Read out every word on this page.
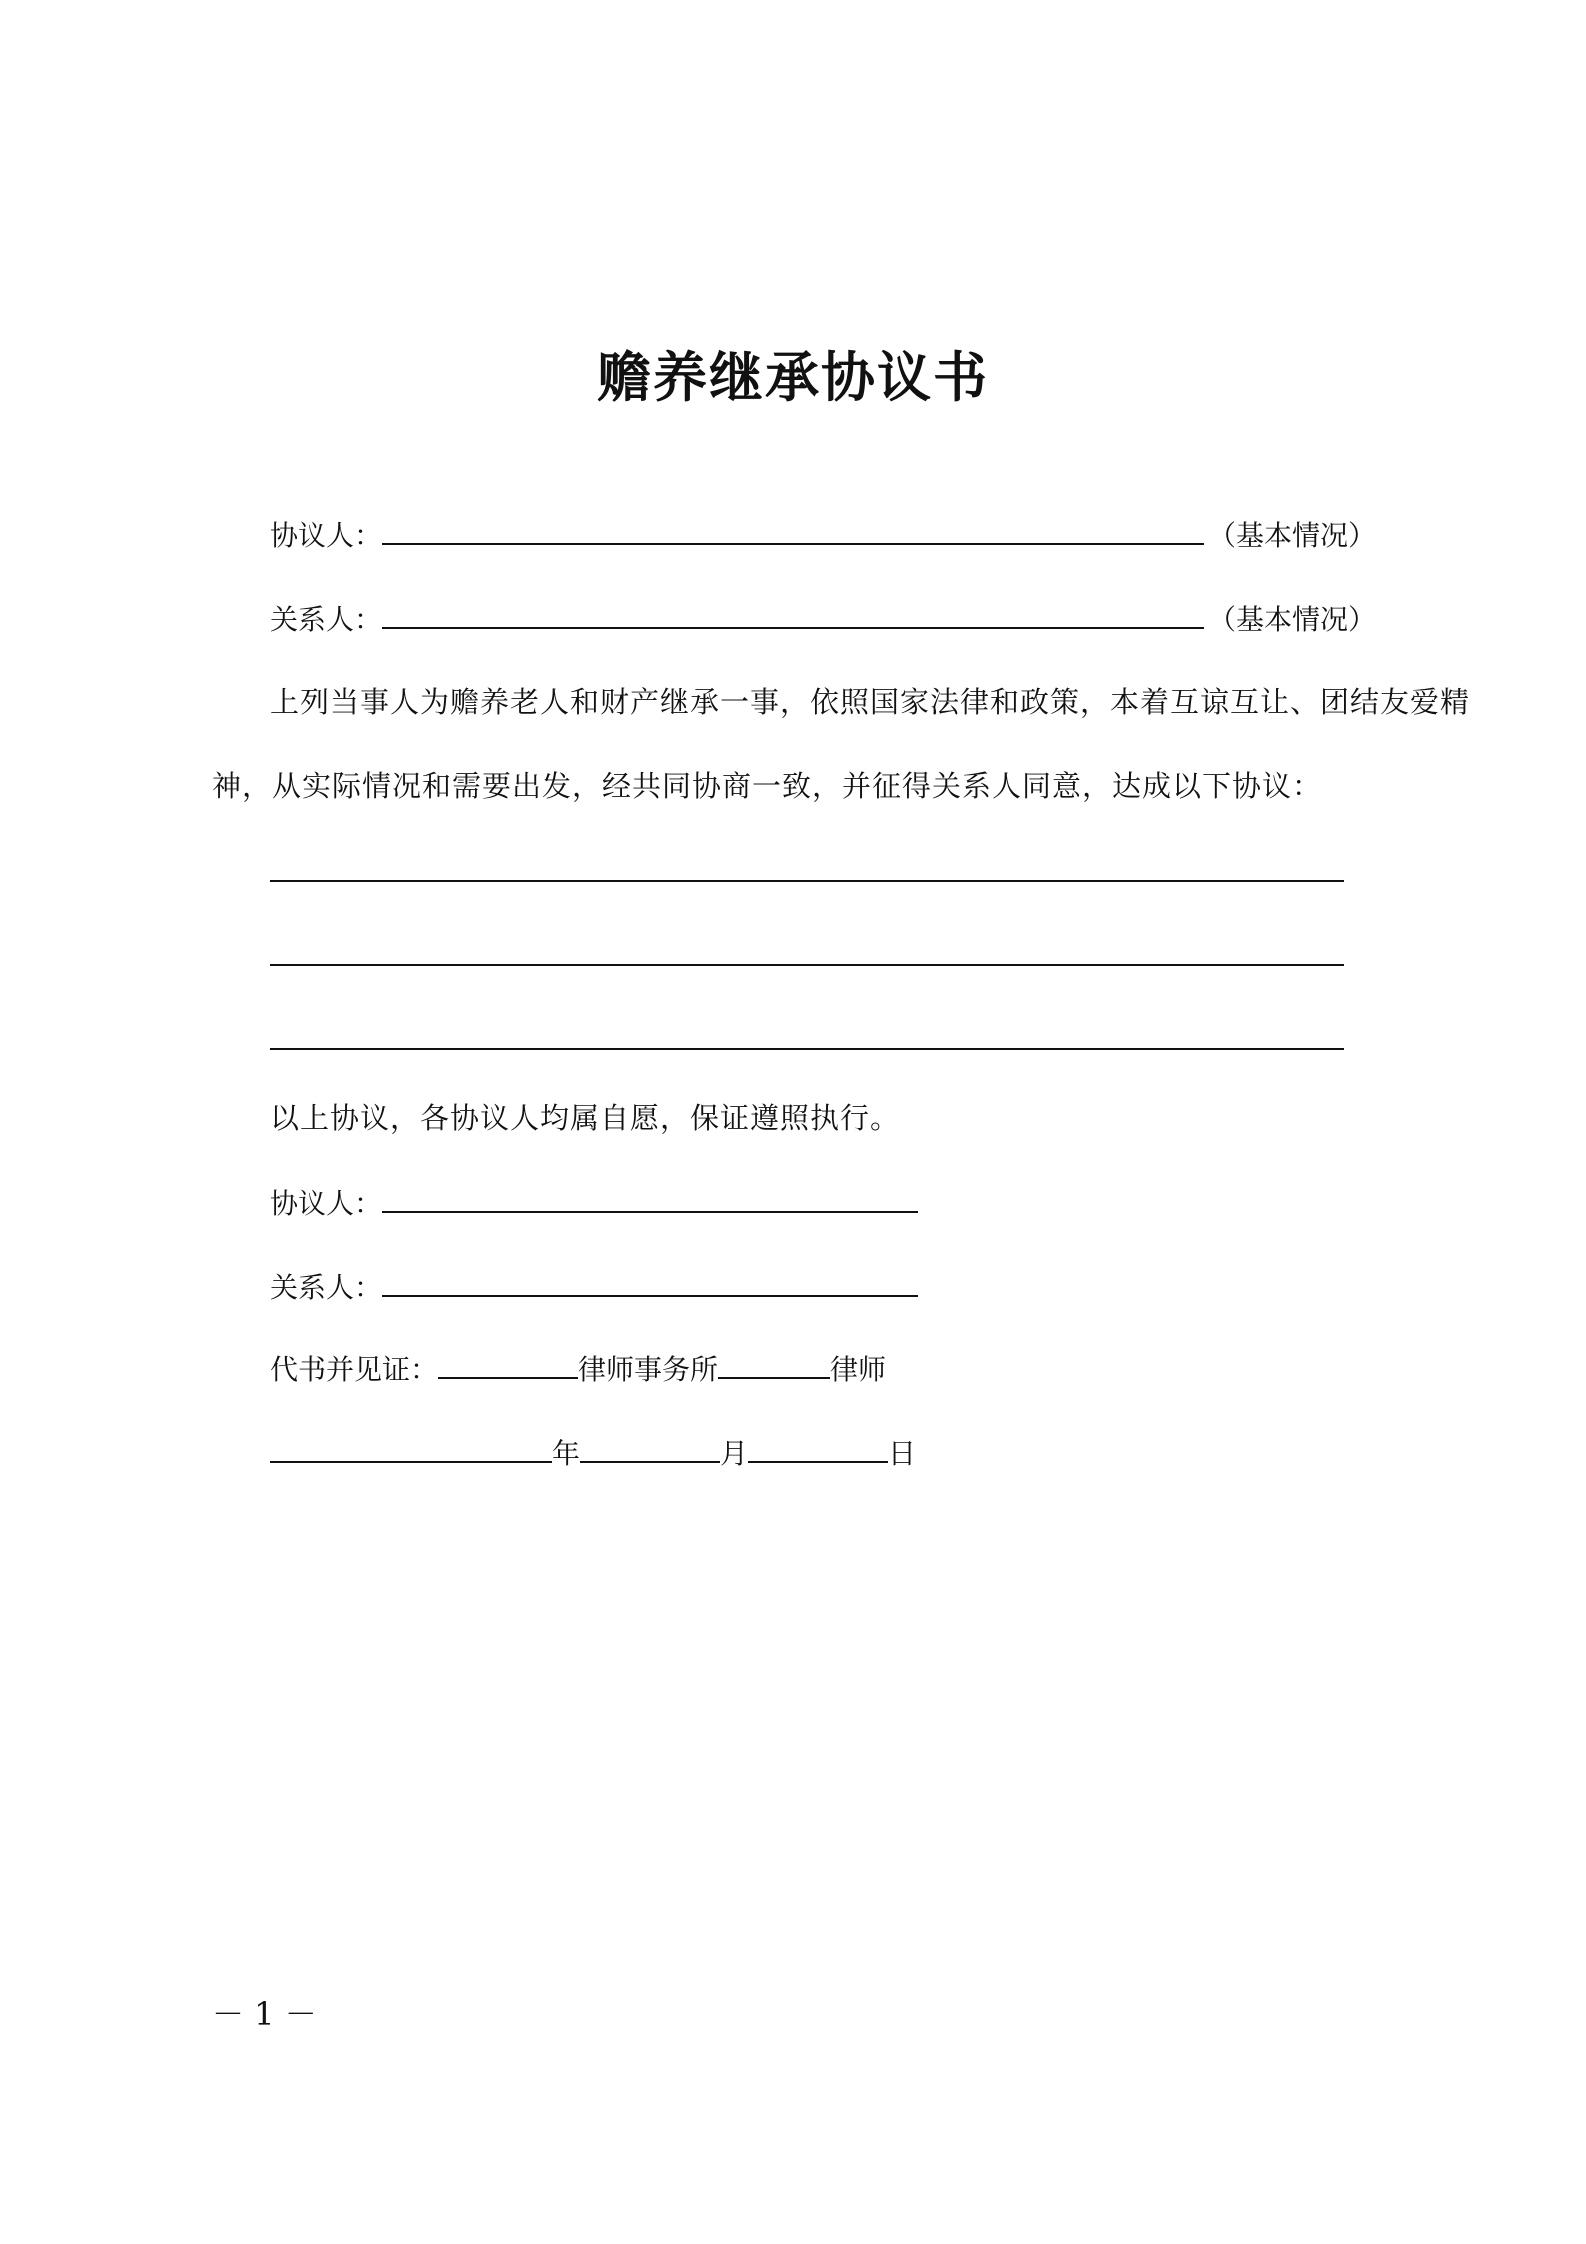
赡养继承协议书
协议人：	（基本情况）
关系人：	（基本情况）
上列当事人为赡养老人和财产继承一事，依照国家法律和政策，本着互谅互让、团结友爱精
神，从实际情况和需要出发，经共同协商一致，并征得关系人同意，达成以下协议：
以上协议，各协议人均属自愿，保证遵照执行。
协议人：
关系人：
代书并见证：	律师事务所	律师
年	月	日
－ 1 －
